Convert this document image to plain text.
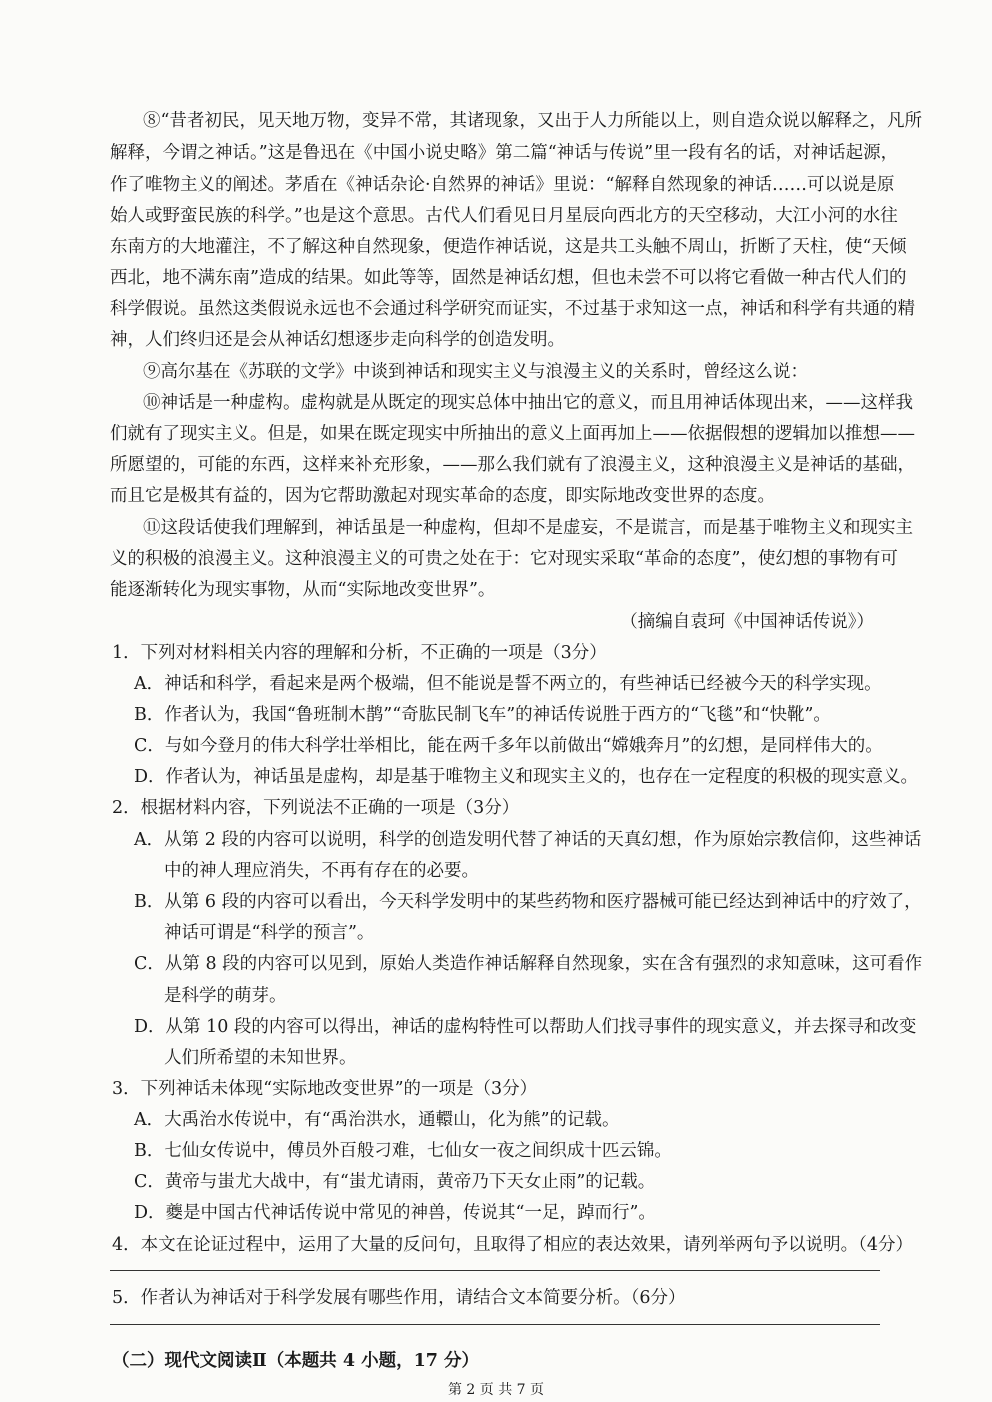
⑧“昔者初民，见天地万物，变异不常，其诸现象，又出于人力所能以上，则自造众说以解释之，凡所
解释，今谓之神话。”这是鲁迅在《中国小说史略》第二篇“神话与传说”里一段有名的话，对神话起源，
作了唯物主义的阐述。茅盾在《神话杂论·自然界的神话》里说：“解释自然现象的神话……可以说是原
始人或野蛮民族的科学。”也是这个意思。古代人们看见日月星辰向西北方的天空移动，大江小河的水往
东南方的大地灌注，不了解这种自然现象，便造作神话说，这是共工头触不周山，折断了天柱，使“天倾
西北，地不满东南”造成的结果。如此等等，固然是神话幻想，但也未尝不可以将它看做一种古代人们的
科学假说。虽然这类假说永远也不会通过科学研究而证实，不过基于求知这一点，神话和科学有共通的精
神，人们终归还是会从神话幻想逐步走向科学的创造发明。
⑨高尔基在《苏联的文学》中谈到神话和现实主义与浪漫主义的关系时，曾经这么说：
⑩神话是一种虚构。虚构就是从既定的现实总体中抽出它的意义，而且用神话体现出来，——这样我
们就有了现实主义。但是，如果在既定现实中所抽出的意义上面再加上——依据假想的逻辑加以推想——
所愿望的，可能的东西，这样来补充形象，——那么我们就有了浪漫主义，这种浪漫主义是神话的基础，
而且它是极其有益的，因为它帮助激起对现实革命的态度，即实际地改变世界的态度。
⑪这段话使我们理解到，神话虽是一种虚构，但却不是虚妄，不是谎言，而是基于唯物主义和现实主
义的积极的浪漫主义。这种浪漫主义的可贵之处在于：它对现实采取“革命的态度”，使幻想的事物有可
能逐渐转化为现实事物，从而“实际地改变世界”。
（摘编自袁珂《中国神话传说》）
1．下列对材料相关内容的理解和分析，不正确的一项是（3分）
A．神话和科学，看起来是两个极端，但不能说是誓不两立的，有些神话已经被今天的科学实现。
B．作者认为，我国“鲁班制木鹊”“奇肱民制飞车”的神话传说胜于西方的“飞毯”和“快靴”。
C．与如今登月的伟大科学壮举相比，能在两千多年以前做出“嫦娥奔月”的幻想，是同样伟大的。
D．作者认为，神话虽是虚构，却是基于唯物主义和现实主义的，也存在一定程度的积极的现实意义。
2．根据材料内容，下列说法不正确的一项是（3分）
A．从第 2 段的内容可以说明，科学的创造发明代替了神话的天真幻想，作为原始宗教信仰，这些神话
中的神人理应消失，不再有存在的必要。
B．从第 6 段的内容可以看出，今天科学发明中的某些药物和医疗器械可能已经达到神话中的疗效了，
神话可谓是“科学的预言”。
C．从第 8 段的内容可以见到，原始人类造作神话解释自然现象，实在含有强烈的求知意味，这可看作
是科学的萌芽。
D．从第 10 段的内容可以得出，神话的虚构特性可以帮助人们找寻事件的现实意义，并去探寻和改变
人们所希望的未知世界。
3．下列神话未体现“实际地改变世界”的一项是（3分）
A．大禹治水传说中，有“禹治洪水，通轘山，化为熊”的记载。
B．七仙女传说中，傅员外百般刁难，七仙女一夜之间织成十匹云锦。
C．黄帝与蚩尤大战中，有“蚩尤请雨，黄帝乃下天女止雨”的记载。
D．夔是中国古代神话传说中常见的神兽，传说其“一足，踔而行”。
4．本文在论证过程中，运用了大量的反问句，且取得了相应的表达效果，请列举两句予以说明。（4分）
5．作者认为神话对于科学发展有哪些作用，请结合文本简要分析。（6分）
（二）现代文阅读Ⅱ（本题共 4 小题，17 分）
第 2 页 共 7 页
